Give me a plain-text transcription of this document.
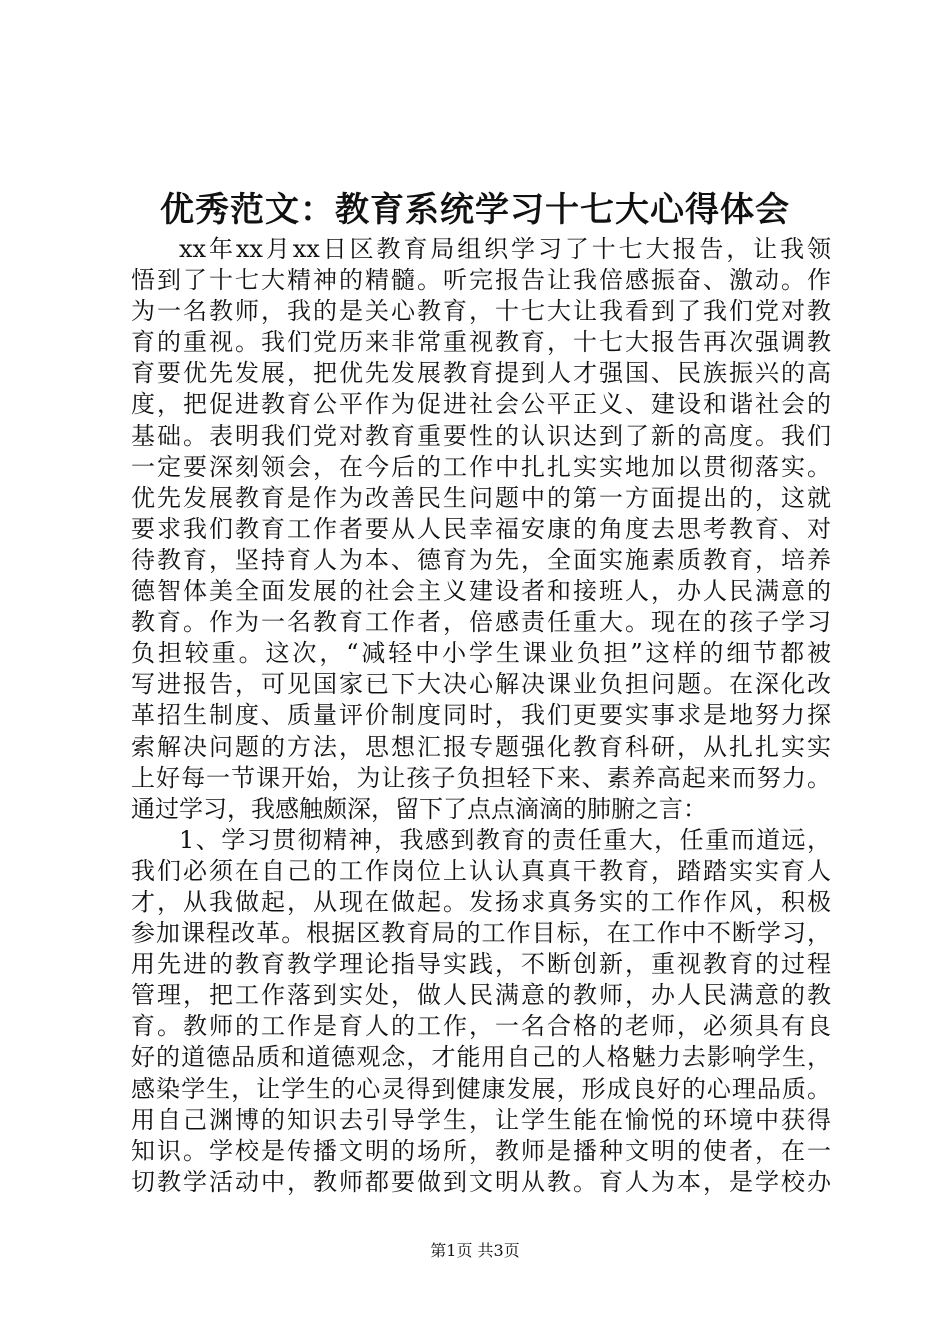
优秀范文：教育系统学习十七大心得体会
xx年xx月xx日区教育局组织学习了十七大报告，让我领
悟到了十七大精神的精髓。听完报告让我倍感振奋、激动。作
为一名教师，我的是关心教育，十七大让我看到了我们党对教
育的重视。我们党历来非常重视教育，十七大报告再次强调教
育要优先发展，把优先发展教育提到人才强国、民族振兴的高
度，把促进教育公平作为促进社会公平正义、建设和谐社会的
基础。表明我们党对教育重要性的认识达到了新的高度。我们
一定要深刻领会，在今后的工作中扎扎实实地加以贯彻落实。
优先发展教育是作为改善民生问题中的第一方面提出的，这就
要求我们教育工作者要从人民幸福安康的角度去思考教育、对
待教育，坚持育人为本、德育为先，全面实施素质教育，培养
德智体美全面发展的社会主义建设者和接班人，办人民满意的
教育。作为一名教育工作者，倍感责任重大。现在的孩子学习
负担较重。这次，“减轻中小学生课业负担”这样的细节都被
写进报告，可见国家已下大决心解决课业负担问题。在深化改
革招生制度、质量评价制度同时，我们更要实事求是地努力探
索解决问题的方法，思想汇报专题强化教育科研，从扎扎实实
上好每一节课开始，为让孩子负担轻下来、素养高起来而努力。
通过学习，我感触颇深，留下了点点滴滴的肺腑之言：
1、学习贯彻精神，我感到教育的责任重大，任重而道远，
我们必须在自己的工作岗位上认认真真干教育，踏踏实实育人
才，从我做起，从现在做起。发扬求真务实的工作作风，积极
参加课程改革。根据区教育局的工作目标，在工作中不断学习，
用先进的教育教学理论指导实践，不断创新，重视教育的过程
管理，把工作落到实处，做人民满意的教师，办人民满意的教
育。教师的工作是育人的工作，一名合格的老师，必须具有良
好的道德品质和道德观念，才能用自己的人格魅力去影响学生，
感染学生，让学生的心灵得到健康发展，形成良好的心理品质。
用自己渊博的知识去引导学生，让学生能在愉悦的环境中获得
知识。学校是传播文明的场所，教师是播种文明的使者，在一
切教学活动中，教师都要做到文明从教。育人为本，是学校办
第1页 共3页
